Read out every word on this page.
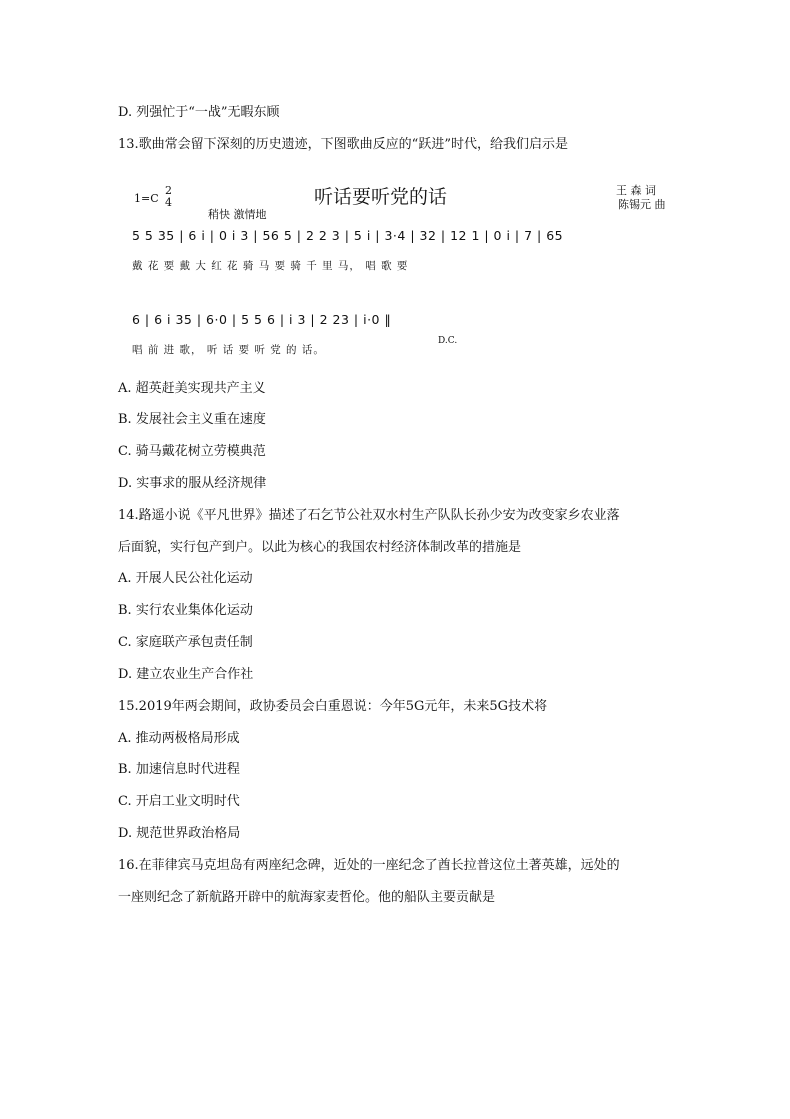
D. 列强忙于“一战”无暇东顾
13.歌曲常会留下深刻的历史遗迹，下图歌曲反应的“跃进”时代，给我们启示是
1=C
2
4
稍快 激情地
听话要听党的话	王 森 词
陈锡元 曲
5 5 35 | 6 i | 0 i 3 | 56 5 | 2 2 3 | 5 i | 3·4 | 32 | 12 1 | 0 i | 7 | 65
戴 花 要 戴 大 红 花 骑 马 要 骑 千 里 马， 唱 歌 要
6 | 6 i 35 | 6·0 | 5 5 6 | i 3 | 2 23 | i·0 ‖
唱 前 进 歌， 听 话 要 听 党 的 话。
D.C.
A. 超英赶美实现共产主义
B. 发展社会主义重在速度
C. 骑马戴花树立劳模典范
D. 实事求的服从经济规律
14.路遥小说《平凡世界》描述了石乞节公社双水村生产队队长孙少安为改变家乡农业落
后面貌，实行包产到户。以此为核心的我国农村经济体制改革的措施是
A. 开展人民公社化运动
B. 实行农业集体化运动
C. 家庭联产承包责任制
D. 建立农业生产合作社
15.2019年两会期间，政协委员会白重恩说：今年5G元年，未来5G技术将
A. 推动两极格局形成
B. 加速信息时代进程
C. 开启工业文明时代
D. 规范世界政治格局
16.在菲律宾马克坦岛有两座纪念碑，近处的一座纪念了酋长拉普这位土著英雄，远处的
一座则纪念了新航路开辟中的航海家麦哲伦。他的船队主要贡献是
